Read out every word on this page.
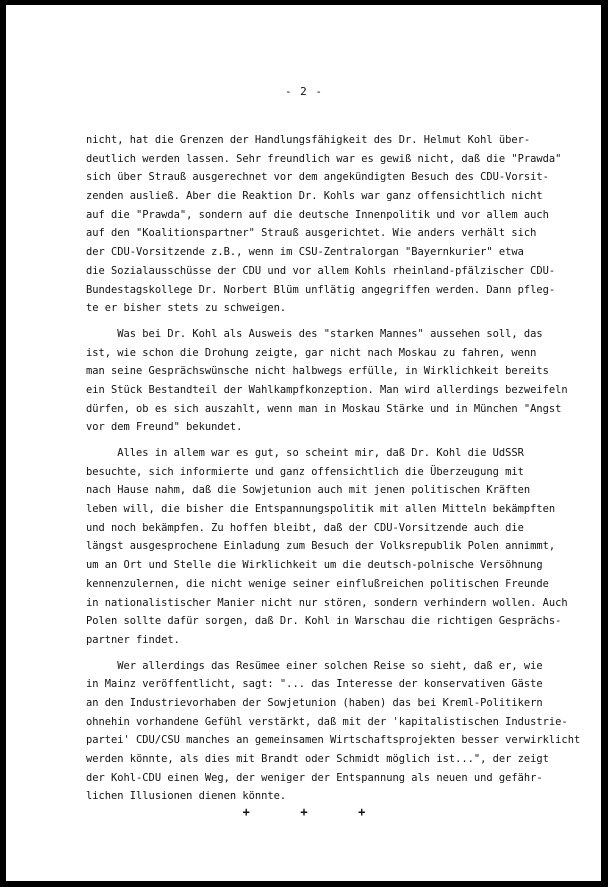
- 2 -
nicht, hat die Grenzen der Handlungsfähigkeit des Dr. Helmut Kohl über-
deutlich werden lassen. Sehr freundlich war es gewiß nicht, daß die "Prawda"
sich über Strauß ausgerechnet vor dem angekündigten Besuch des CDU-Vorsit-
zenden ausließ. Aber die Reaktion Dr. Kohls war ganz offensichtlich nicht
auf die "Prawda", sondern auf die deutsche Innenpolitik und vor allem auch
auf den "Koalitionspartner" Strauß ausgerichtet. Wie anders verhält sich
der CDU-Vorsitzende z.B., wenn im CSU-Zentralorgan "Bayernkurier" etwa
die Sozialausschüsse der CDU und vor allem Kohls rheinland-pfälzischer CDU-
Bundestagskollege Dr. Norbert Blüm unflätig angegriffen werden. Dann pfleg-
te er bisher stets zu schweigen.
Was bei Dr. Kohl als Ausweis des "starken Mannes" aussehen soll, das
ist, wie schon die Drohung zeigte, gar nicht nach Moskau zu fahren, wenn
man seine Gesprächswünsche nicht halbwegs erfülle, in Wirklichkeit bereits
ein Stück Bestandteil der Wahlkampfkonzeption. Man wird allerdings bezweifeln
dürfen, ob es sich auszahlt, wenn man in Moskau Stärke und in München "Angst
vor dem Freund" bekundet.
Alles in allem war es gut, so scheint mir, daß Dr. Kohl die UdSSR
besuchte, sich informierte und ganz offensichtlich die Überzeugung mit
nach Hause nahm, daß die Sowjetunion auch mit jenen politischen Kräften
leben will, die bisher die Entspannungspolitik mit allen Mitteln bekämpften
und noch bekämpfen. Zu hoffen bleibt, daß der CDU-Vorsitzende auch die
längst ausgesprochene Einladung zum Besuch der Volksrepublik Polen annimmt,
um an Ort und Stelle die Wirklichkeit um die deutsch-polnische Versöhnung
kennenzulernen, die nicht wenige seiner einflußreichen politischen Freunde
in nationalistischer Manier nicht nur stören, sondern verhindern wollen. Auch
Polen sollte dafür sorgen, daß Dr. Kohl in Warschau die richtigen Gesprächs-
partner findet.
Wer allerdings das Resümee einer solchen Reise so sieht, daß er, wie
in Mainz veröffentlicht, sagt: "... das Interesse der konservativen Gäste
an den Industrievorhaben der Sowjetunion (haben) das bei Kreml-Politikern
ohnehin vorhandene Gefühl verstärkt, daß mit der 'kapitalistischen Industrie-
partei' CDU/CSU manches an gemeinsamen Wirtschaftsprojekten besser verwirklicht
werden könnte, als dies mit Brandt oder Schmidt möglich ist...", der zeigt
der Kohl-CDU einen Weg, der weniger der Entspannung als neuen und gefähr-
lichen Illusionen dienen könnte.
+       +       +
